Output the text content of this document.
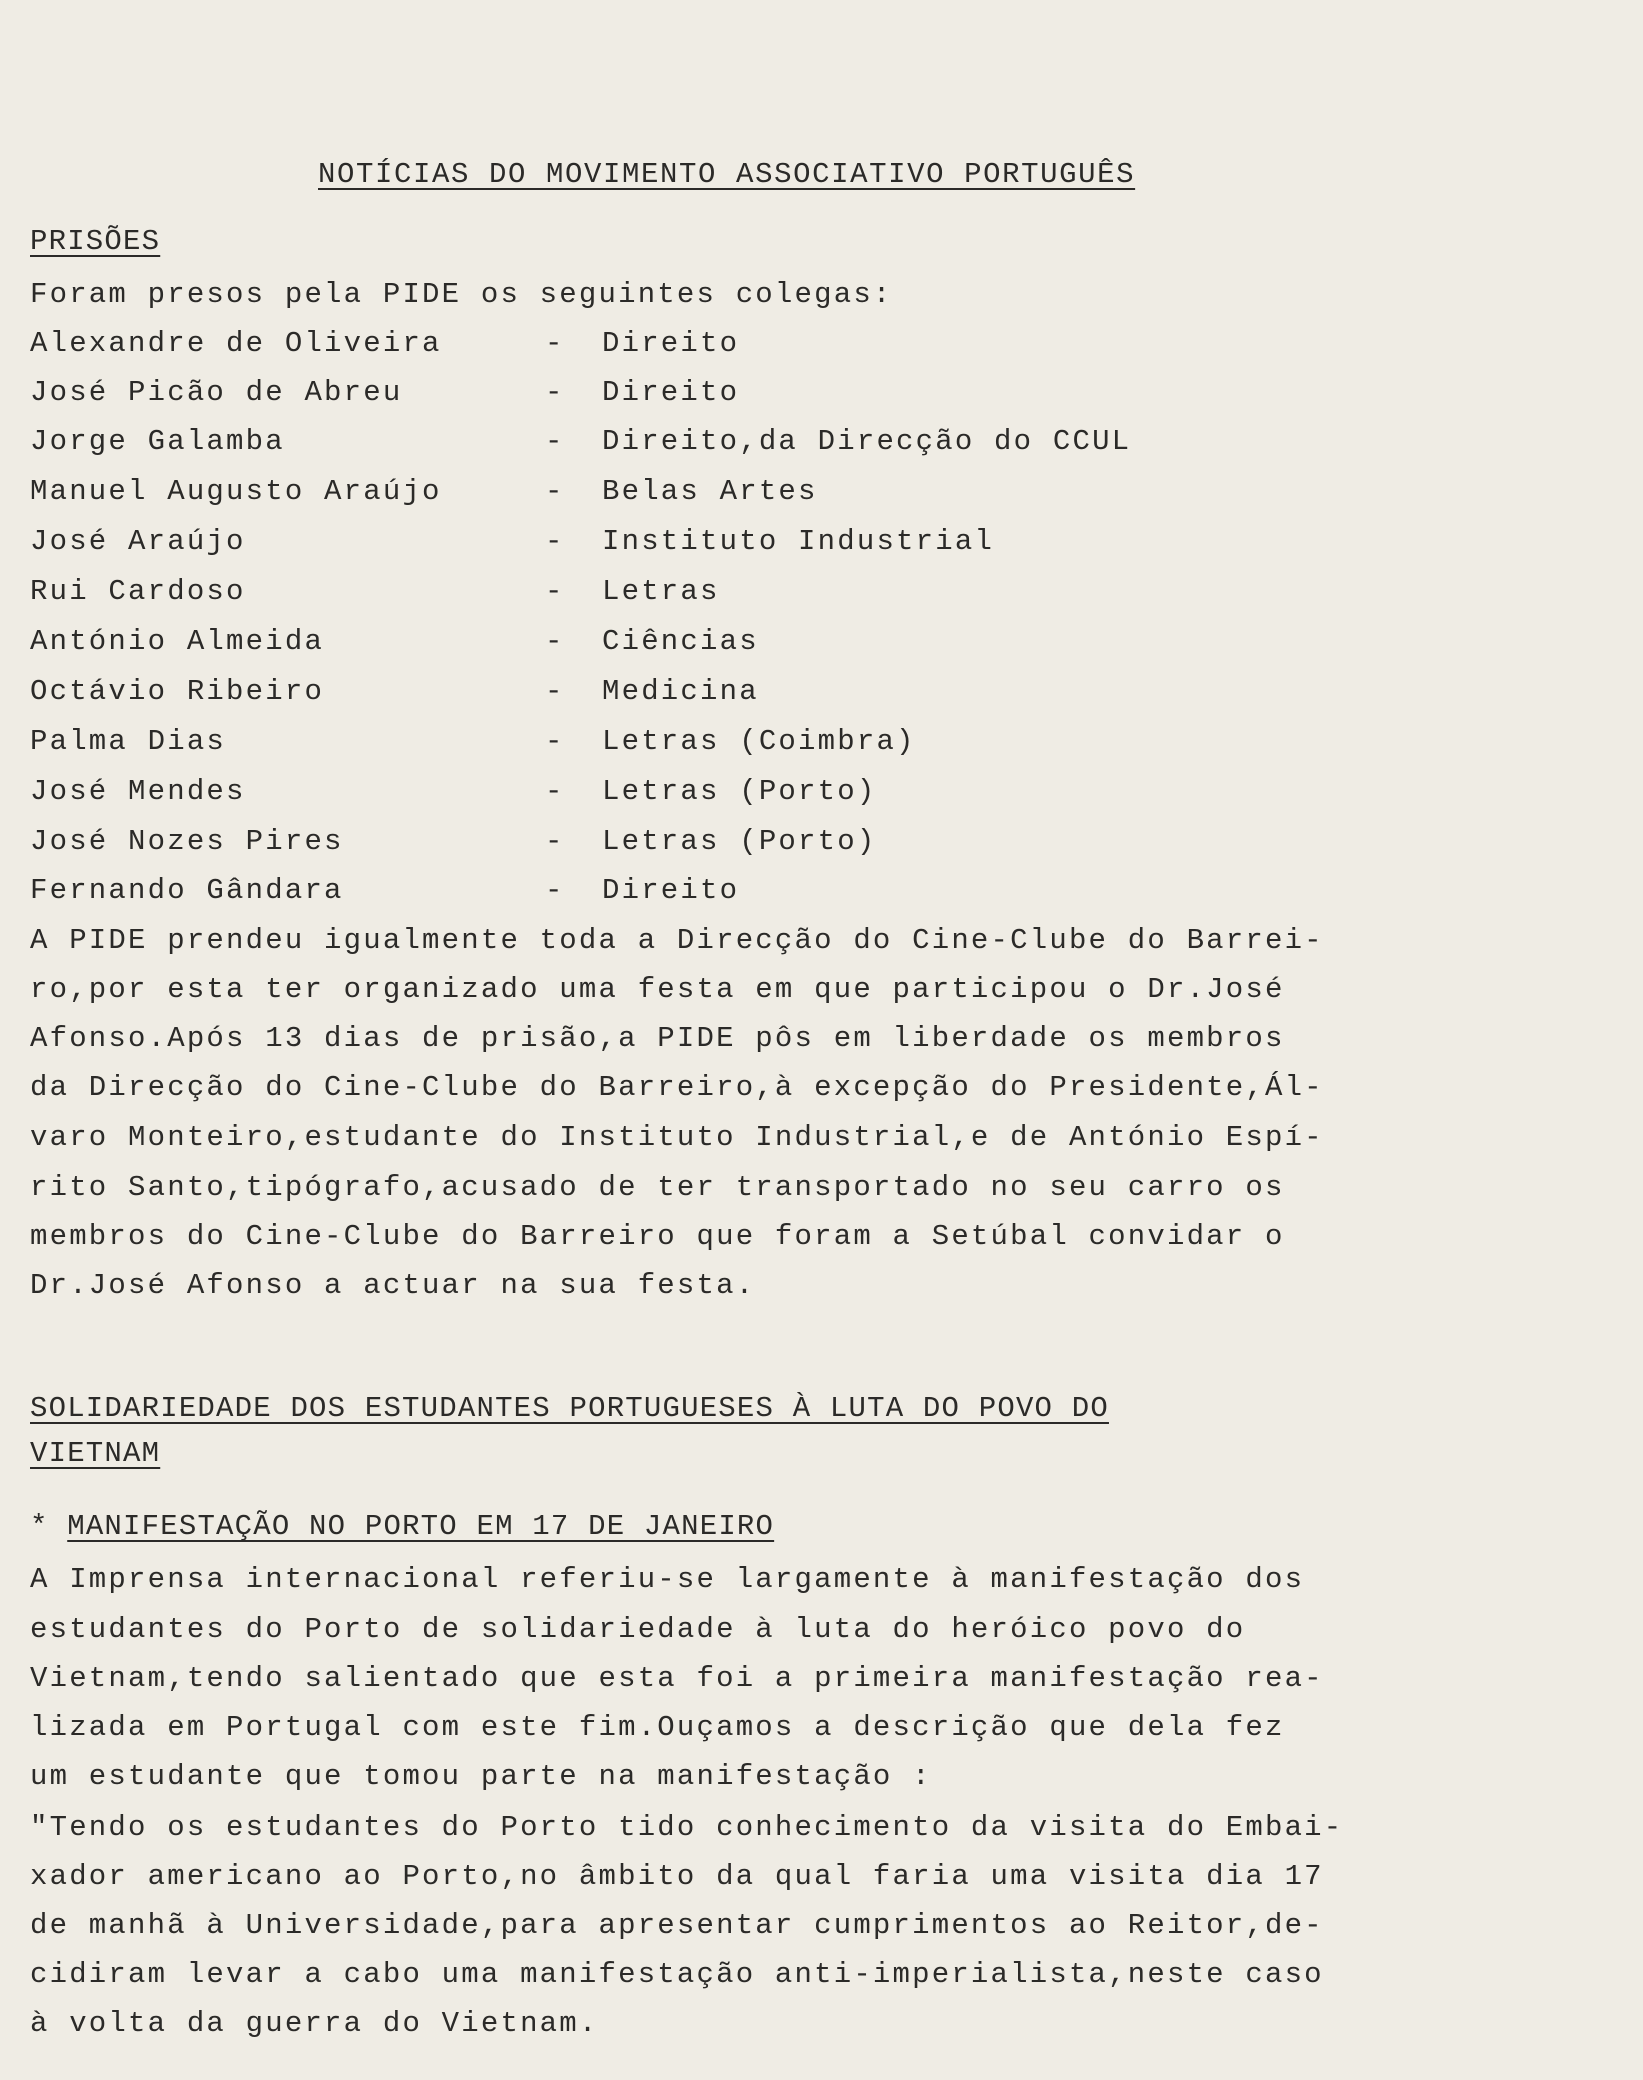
NOTÍCIAS DO MOVIMENTO ASSOCIATIVO PORTUGUÊS
PRISÕES
Foram presos pela PIDE os seguintes colegas:
Alexandre de Oliveira	- Direito
José Picão de Abreu	- Direito
Jorge Galamba	- Direito,da Direcção do CCUL
Manuel Augusto Araújo	- Belas Artes
José Araújo	- Instituto Industrial
Rui Cardoso	- Letras
António Almeida	- Ciências
Octávio Ribeiro	- Medicina
Palma Dias	- Letras (Coimbra)
José Mendes	- Letras (Porto)
José Nozes Pires	- Letras (Porto)
Fernando Gândara	- Direito
A PIDE prendeu igualmente toda a Direcção do Cine-Clube do Barrei-
ro,por esta ter organizado uma festa em que participou o Dr.José
Afonso.Após 13 dias de prisão,a PIDE pôs em liberdade os membros
da Direcção do Cine-Clube do Barreiro,à excepção do Presidente,Ál-
varo Monteiro,estudante do Instituto Industrial,e de António Espí-
rito Santo,tipógrafo,acusado de ter transportado no seu carro os
membros do Cine-Clube do Barreiro que foram a Setúbal convidar o
Dr.José Afonso a actuar na sua festa.
SOLIDARIEDADE DOS ESTUDANTES PORTUGUESES À LUTA DO POVO DO
VIETNAM
* MANIFESTAÇÃO NO PORTO EM 17 DE JANEIRO
A Imprensa internacional referiu-se largamente à manifestação dos
estudantes do Porto de solidariedade à luta do heróico povo do
Vietnam,tendo salientado que esta foi a primeira manifestação rea-
lizada em Portugal com este fim.Ouçamos a descrição que dela fez
um estudante que tomou parte na manifestação :
"Tendo os estudantes do Porto tido conhecimento da visita do Embai-
xador americano ao Porto,no âmbito da qual faria uma visita dia 17
de manhã à Universidade,para apresentar cumprimentos ao Reitor,de-
cidiram levar a cabo uma manifestação anti-imperialista,neste caso
à volta da guerra do Vietnam.
